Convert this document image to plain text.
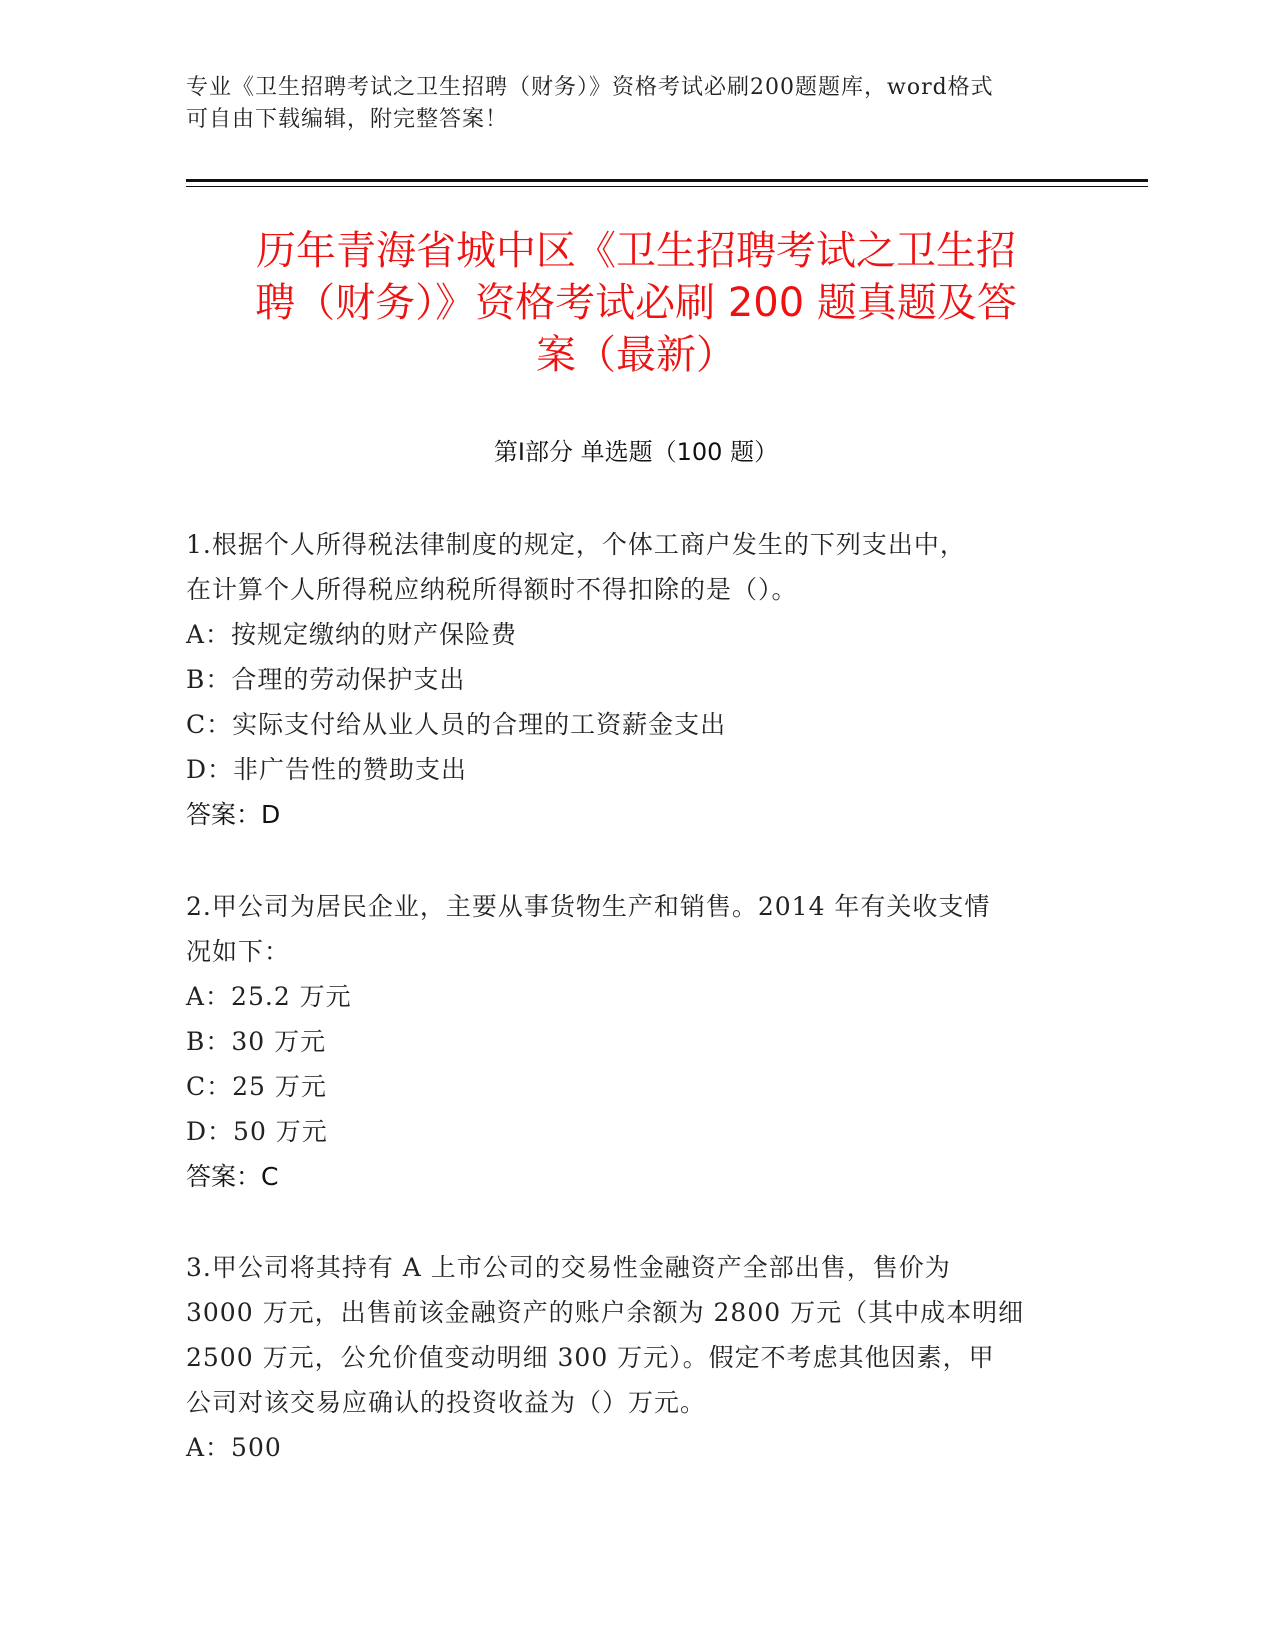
专业《卫生招聘考试之卫生招聘（财务）》资格考试必刷200题题库，word格式
可自由下载编辑，附完整答案！
历年青海省城中区《卫生招聘考试之卫生招
聘（财务）》资格考试必刷 200 题真题及答
案（最新）
第Ⅰ部分 单选题（100 题）
1.根据个人所得税法律制度的规定，个体工商户发生的下列支出中，
在计算个人所得税应纳税所得额时不得扣除的是（）。
A：按规定缴纳的财产保险费
B：合理的劳动保护支出
C：实际支付给从业人员的合理的工资薪金支出
D：非广告性的赞助支出
答案：D
2.甲公司为居民企业，主要从事货物生产和销售。2014 年有关收支情
况如下：
A：25.2 万元
B：30 万元
C：25 万元
D：50 万元
答案：C
3.甲公司将其持有 A 上市公司的交易性金融资产全部出售，售价为
3000 万元，出售前该金融资产的账户余额为 2800 万元（其中成本明细
2500 万元，公允价值变动明细 300 万元）。假定不考虑其他因素，甲
公司对该交易应确认的投资收益为（）万元。
A：500
